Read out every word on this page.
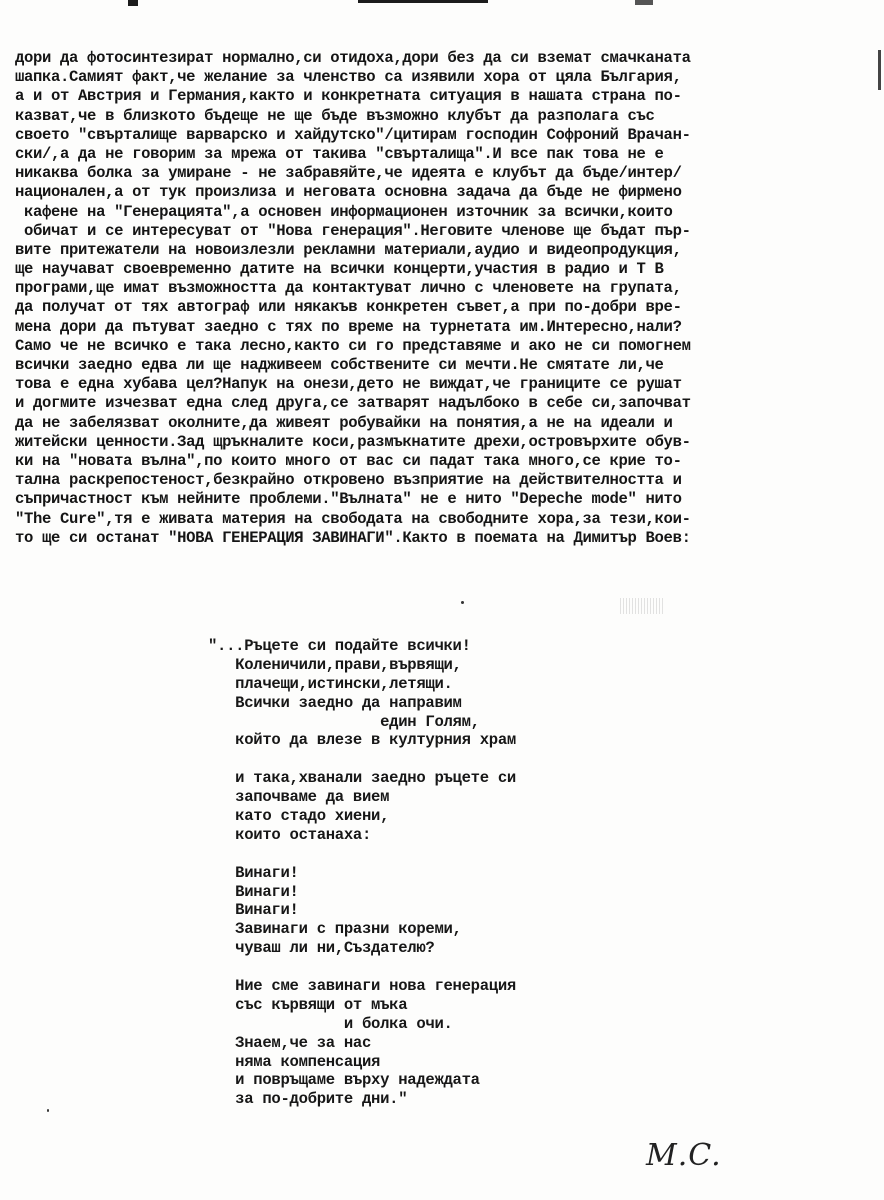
дори да фотосинтезират нормално,си отидоха,дори без да си вземат смачканата
шапка.Самият факт,че желание за членство са изявили хора от цяла България,
а и от Австрия и Германия,както и конкретната ситуация в нашата страна по-
казват,че в близкото бъдеще не ще бъде възможно клубът да разполага със
своето "свърталище варварско и хайдутско"/цитирам господин Софроний Врачан-
ски/,а да не говорим за мрежа от такива "свърталища".И все пак това не е
никаква болка за умиране - не забравяйте,че идеята е клубът да бъде/интер/
национален,а от тук произлиза и неговата основна задача да бъде не фирмено
кафене на "Генерацията",а основен информационен източник за всички,които
обичат и се интересуват от "Нова генерация".Неговите членове ще бъдат пър-
вите притежатели на новоизлезли рекламни материали,аудио и видеопродукция,
ще научават своевременно датите на всички концерти,участия в радио и Т В
програми,ще имат възможността да контактуват лично с членовете на групата,
да получат от тях автограф или някакъв конкретен съвет,а при по-добри вре-
мена дори да пътуват заедно с тях по време на турнетата им.Интересно,нали?
Само че не всичко е така лесно,както си го представяме и ако не си помогнем
всички заедно едва ли ще надживеем собствените си мечти.Не смятате ли,че
това е една хубава цел?Напук на онези,дето не виждат,че границите се рушат
и догмите изчезват една след друга,се затварят надълбоко в себе си,започват
да не забелязват околните,да живеят робувайки на понятия,а не на идеали и
житейски ценности.Зад щръкналите коси,размъкнатите дрехи,островърхите обув-
ки на "новата вълна",по които много от вас си падат така много,се крие то-
тална раскрепостеност,безкрайно откровено възприятие на действителността и
съпричастност към нейните проблеми."Вълната" не е нито "Depeche mode" нито
"The Cure",тя е живата материя на свободата на свободните хора,за тези,кои-
то ще си останат "НОВА ГЕНЕРАЦИЯ ЗАВИНАГИ".Както в поемата на Димитър Воев:
"...Ръцете си подайте всички!
Коленичили,прави,вървящи,
плачещи,истински,летящи.
Всички заедно да направим
един Голям,
който да влезе в културния храм
и така,хванали заедно ръцете си
започваме да вием
като стадо хиени,
които останаха:
Винаги!
Винаги!
Винаги!
Завинаги с празни кореми,
чуваш ли ни,Създателю?
Ние сме завинаги нова генерация
със кървящи от мъка
и болка очи.
Знаем,че за нас
няма компенсация
и повръщаме върху надеждата
за по-добрите дни."
M.C.
